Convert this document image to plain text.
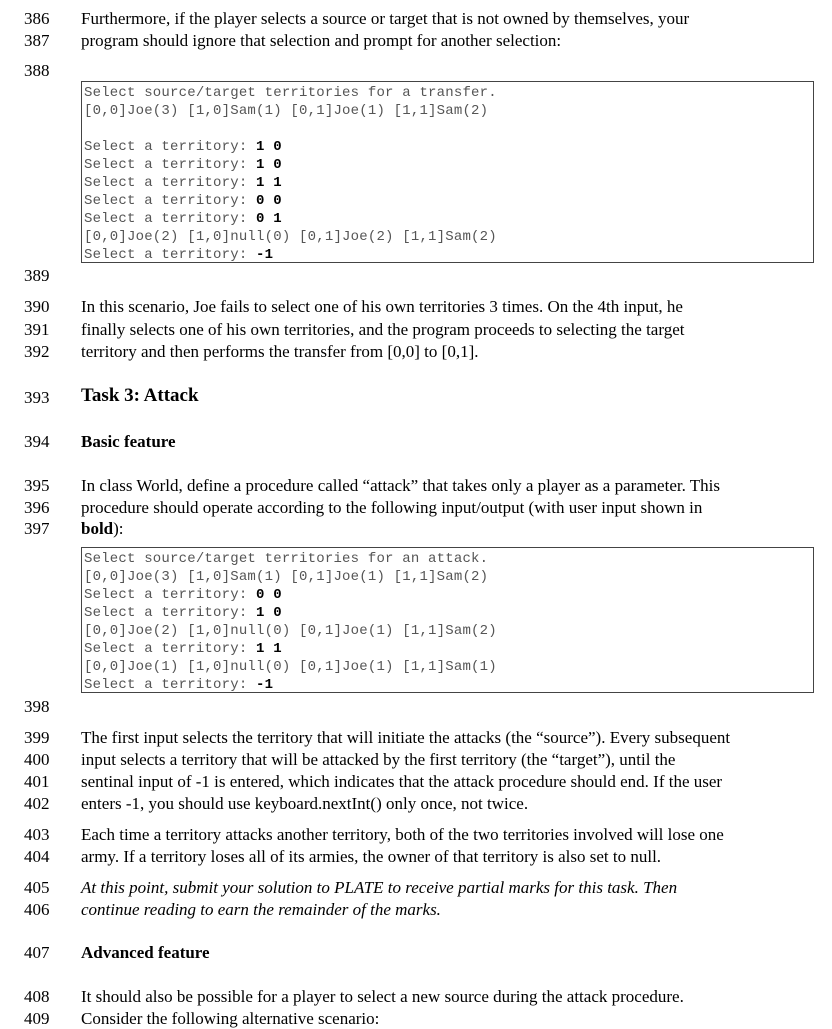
386
387
388
389
390
391
392
393
394
395
396
397
398
399
400
401
402
403
404
405
406
407
408
409
Furthermore, if the player selects a source or target that is not owned by themselves, your
program should ignore that selection and prompt for another selection:
Select source/target territories for a transfer.
[0,0]Joe(3) [1,0]Sam(1) [0,1]Joe(1) [1,1]Sam(2)
Select a territory: 1 0
Select a territory: 1 0
Select a territory: 1 1
Select a territory: 0 0
Select a territory: 0 1
[0,0]Joe(2) [1,0]null(0) [0,1]Joe(2) [1,1]Sam(2)
Select a territory: -1
In this scenario, Joe fails to select one of his own territories 3 times. On the 4th input, he
finally selects one of his own territories, and the program proceeds to selecting the target
territory and then performs the transfer from [0,0] to [0,1].
Task 3: Attack
Basic feature
In class World, define a procedure called “attack” that takes only a player as a parameter. This
procedure should operate according to the following input/output (with user input shown in
bold):
Select source/target territories for an attack.
[0,0]Joe(3) [1,0]Sam(1) [0,1]Joe(1) [1,1]Sam(2)
Select a territory: 0 0
Select a territory: 1 0
[0,0]Joe(2) [1,0]null(0) [0,1]Joe(1) [1,1]Sam(2)
Select a territory: 1 1
[0,0]Joe(1) [1,0]null(0) [0,1]Joe(1) [1,1]Sam(1)
Select a territory: -1
The first input selects the territory that will initiate the attacks (the “source”). Every subsequent
input selects a territory that will be attacked by the first territory (the “target”), until the
sentinal input of -1 is entered, which indicates that the attack procedure should end. If the user
enters -1, you should use keyboard.nextInt() only once, not twice.
Each time a territory attacks another territory, both of the two territories involved will lose one
army. If a territory loses all of its armies, the owner of that territory is also set to null.
At this point, submit your solution to PLATE to receive partial marks for this task. Then
continue reading to earn the remainder of the marks.
Advanced feature
It should also be possible for a player to select a new source during the attack procedure.
Consider the following alternative scenario:
